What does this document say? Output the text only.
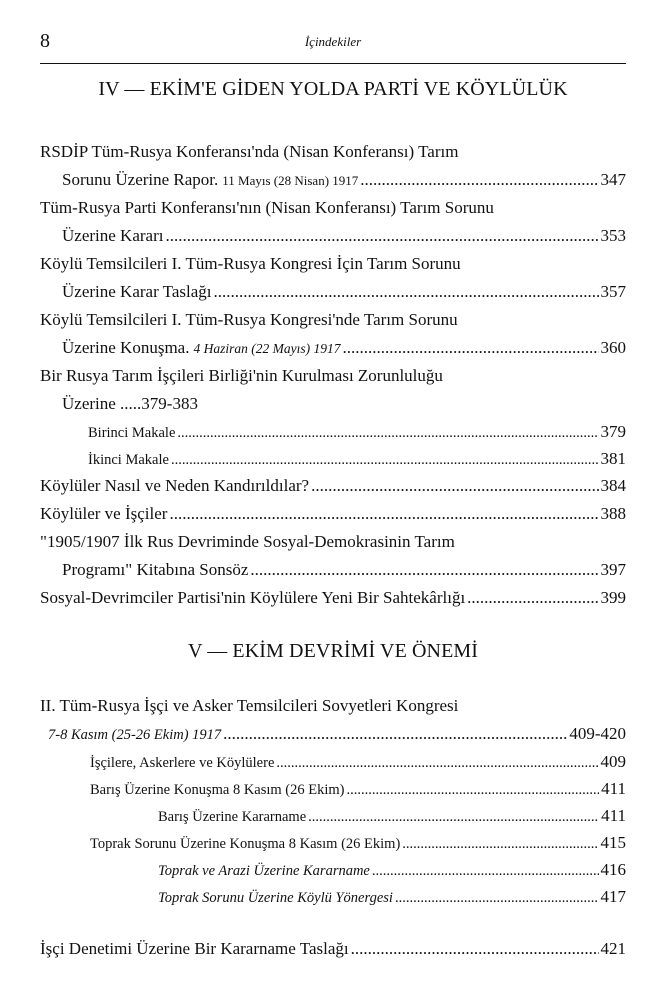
8	İçindekiler
IV — EKİM'E GİDEN YOLDA PARTİ VE KÖYLÜLÜK
RSDİP Tüm-Rusya Konferansı'nda (Nisan Konferansı) Tarım
Sorunu Üzerine Rapor. 11 Mayıs (28 Nisan) 1917 .....	347
Tüm-Rusya Parti Konferansı'nın (Nisan Konferansı) Tarım Sorunu
Üzerine Kararı .....	353
Köylü Temsilcileri I. Tüm-Rusya Kongresi İçin Tarım Sorunu
Üzerine Karar Taslağı .....	357
Köylü Temsilcileri I. Tüm-Rusya Kongresi'nde Tarım Sorunu
Üzerine Konuşma. 4 Haziran (22 Mayıs) 1917 .....	360
Bir Rusya Tarım İşçileri Birliği'nin Kurulması Zorunluluğu
Üzerine .....379-383
Birinci Makale .....	379
İkinci Makale .....	381
Köylüler Nasıl ve Neden Kandırıldılar? .....	384
Köylüler ve İşçiler .....	388
"1905/1907 İlk Rus Devriminde Sosyal-Demokrasinin Tarım
Programı" Kitabına Sonsöz .....	397
Sosyal-Devrimciler Partisi'nin Köylülere Yeni Bir Sahtekârlığı .....	399
V — EKİM DEVRİMİ VE ÖNEMİ
II. Tüm-Rusya İşçi ve Asker Temsilcileri Sovyetleri Kongresi
7-8 Kasım (25-26 Ekim) 1917 .....	409-420
İşçilere, Askerlere ve Köylülere .....	409
Barış Üzerine Konuşma 8 Kasım (26 Ekim) .....	411
Barış Üzerine Kararname .....	411
Toprak Sorunu Üzerine Konuşma 8 Kasım (26 Ekim) .....	415
Toprak ve Arazi Üzerine Kararname .....	416
Toprak Sorunu Üzerine Köylü Yönergesi .....	417
İşçi Denetimi Üzerine Bir Kararname Taslağı .....	421
